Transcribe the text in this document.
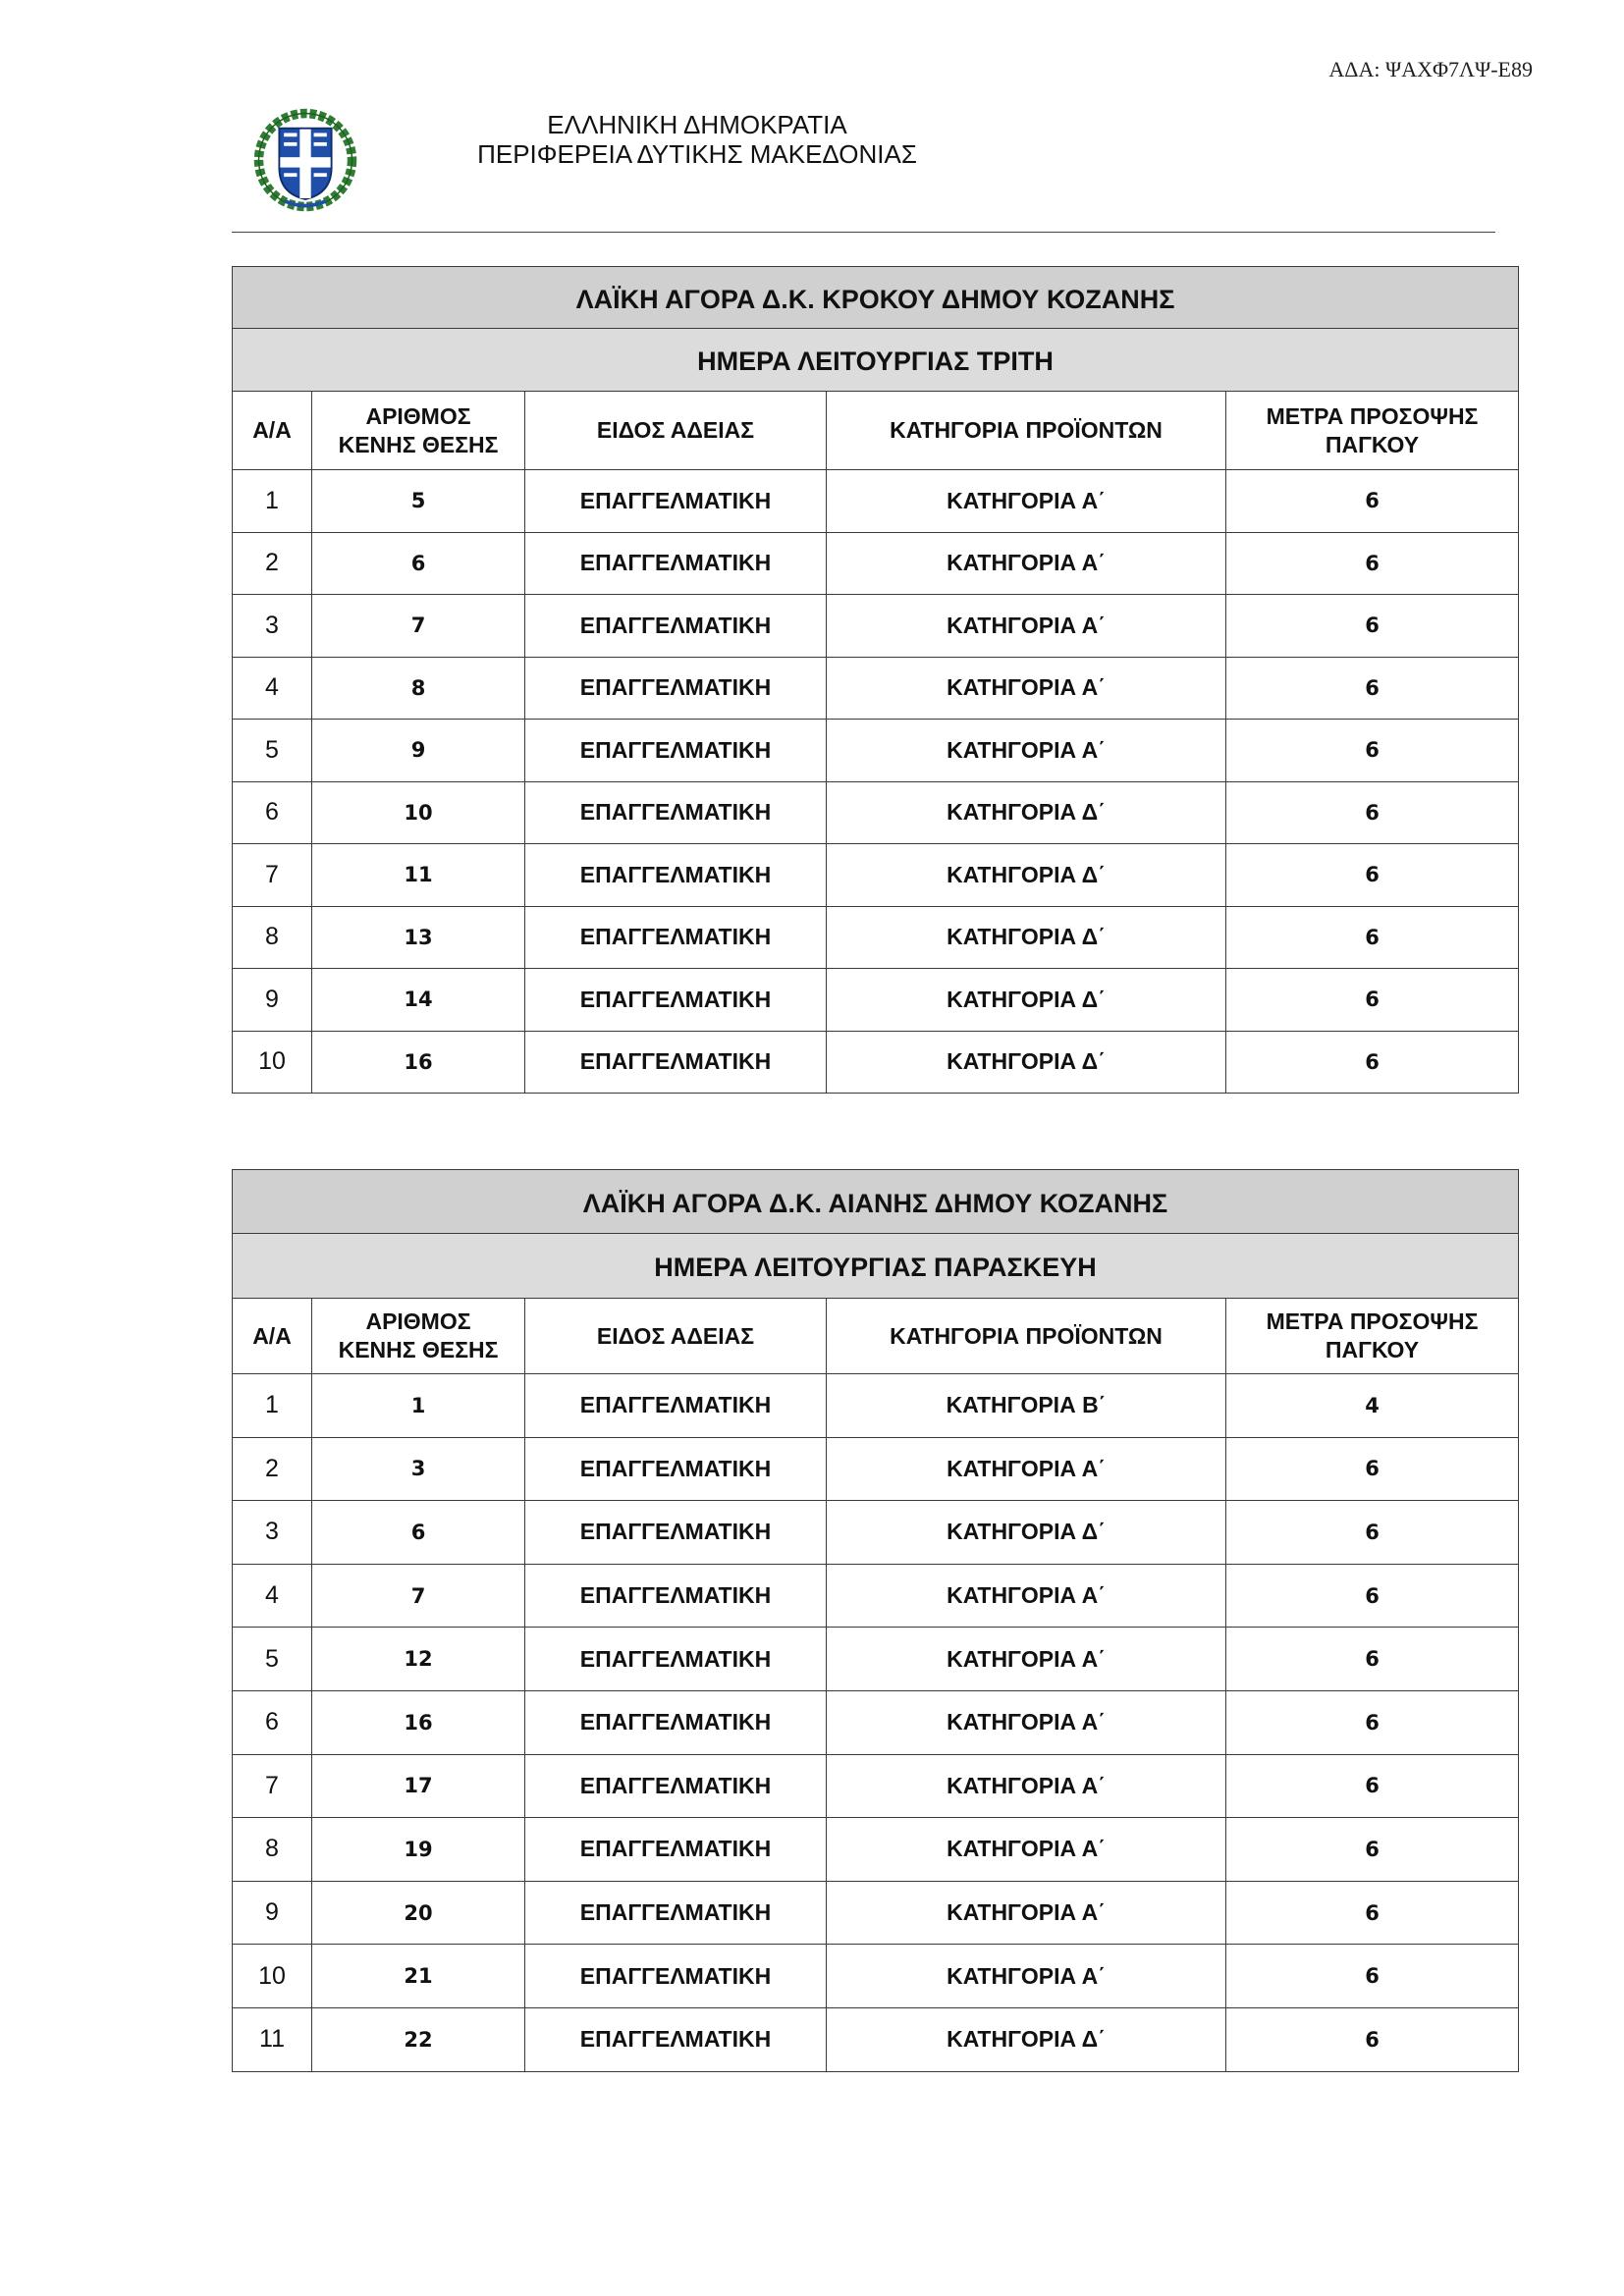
ΑΔΑ: ΨΑΧΦ7ΛΨ-Ε89
ΕΛΛΗΝΙΚΗ ΔΗΜΟΚΡΑΤΙΑ
ΠΕΡΙΦΕΡΕΙΑ ΔΥΤΙΚΗΣ ΜΑΚΕΔΟΝΙΑΣ
ΛΑΪΚΗ ΑΓΟΡΑ Δ.Κ. ΚΡΟΚΟΥ ΔΗΜΟΥ ΚΟΖΑΝΗΣ				
ΗΜΕΡΑ ΛΕΙΤΟΥΡΓΙΑΣ ΤΡΙΤΗ				
Α/Α	ΑΡΙΘΜΟΣ
ΚΕΝΗΣ ΘΕΣΗΣ	ΕΙΔΟΣ ΑΔΕΙΑΣ	ΚΑΤΗΓΟΡΙΑ ΠΡΟΪΟΝΤΩΝ	ΜΕΤΡΑ ΠΡΟΣΟΨΗΣ
ΠΑΓΚΟΥ
1	5	ΕΠΑΓΓΕΛΜΑΤΙΚΗ	ΚΑΤΗΓΟΡΙΑ Α΄	6
2	6	ΕΠΑΓΓΕΛΜΑΤΙΚΗ	ΚΑΤΗΓΟΡΙΑ Α΄	6
3	7	ΕΠΑΓΓΕΛΜΑΤΙΚΗ	ΚΑΤΗΓΟΡΙΑ Α΄	6
4	8	ΕΠΑΓΓΕΛΜΑΤΙΚΗ	ΚΑΤΗΓΟΡΙΑ Α΄	6
5	9	ΕΠΑΓΓΕΛΜΑΤΙΚΗ	ΚΑΤΗΓΟΡΙΑ Α΄	6
6	10	ΕΠΑΓΓΕΛΜΑΤΙΚΗ	ΚΑΤΗΓΟΡΙΑ Δ΄	6
7	11	ΕΠΑΓΓΕΛΜΑΤΙΚΗ	ΚΑΤΗΓΟΡΙΑ Δ΄	6
8	13	ΕΠΑΓΓΕΛΜΑΤΙΚΗ	ΚΑΤΗΓΟΡΙΑ Δ΄	6
9	14	ΕΠΑΓΓΕΛΜΑΤΙΚΗ	ΚΑΤΗΓΟΡΙΑ Δ΄	6
10	16	ΕΠΑΓΓΕΛΜΑΤΙΚΗ	ΚΑΤΗΓΟΡΙΑ Δ΄	6
ΛΑΪΚΗ ΑΓΟΡΑ Δ.Κ. ΑΙΑΝΗΣ ΔΗΜΟΥ ΚΟΖΑΝΗΣ				
ΗΜΕΡΑ ΛΕΙΤΟΥΡΓΙΑΣ ΠΑΡΑΣΚΕΥΗ				
Α/Α	ΑΡΙΘΜΟΣ
ΚΕΝΗΣ ΘΕΣΗΣ	ΕΙΔΟΣ ΑΔΕΙΑΣ	ΚΑΤΗΓΟΡΙΑ ΠΡΟΪΟΝΤΩΝ	ΜΕΤΡΑ ΠΡΟΣΟΨΗΣ
ΠΑΓΚΟΥ
1	1	ΕΠΑΓΓΕΛΜΑΤΙΚΗ	ΚΑΤΗΓΟΡΙΑ Β΄	4
2	3	ΕΠΑΓΓΕΛΜΑΤΙΚΗ	ΚΑΤΗΓΟΡΙΑ Α΄	6
3	6	ΕΠΑΓΓΕΛΜΑΤΙΚΗ	ΚΑΤΗΓΟΡΙΑ Δ΄	6
4	7	ΕΠΑΓΓΕΛΜΑΤΙΚΗ	ΚΑΤΗΓΟΡΙΑ Α΄	6
5	12	ΕΠΑΓΓΕΛΜΑΤΙΚΗ	ΚΑΤΗΓΟΡΙΑ Α΄	6
6	16	ΕΠΑΓΓΕΛΜΑΤΙΚΗ	ΚΑΤΗΓΟΡΙΑ Α΄	6
7	17	ΕΠΑΓΓΕΛΜΑΤΙΚΗ	ΚΑΤΗΓΟΡΙΑ Α΄	6
8	19	ΕΠΑΓΓΕΛΜΑΤΙΚΗ	ΚΑΤΗΓΟΡΙΑ Α΄	6
9	20	ΕΠΑΓΓΕΛΜΑΤΙΚΗ	ΚΑΤΗΓΟΡΙΑ Α΄	6
10	21	ΕΠΑΓΓΕΛΜΑΤΙΚΗ	ΚΑΤΗΓΟΡΙΑ Α΄	6
11	22	ΕΠΑΓΓΕΛΜΑΤΙΚΗ	ΚΑΤΗΓΟΡΙΑ Δ΄	6
